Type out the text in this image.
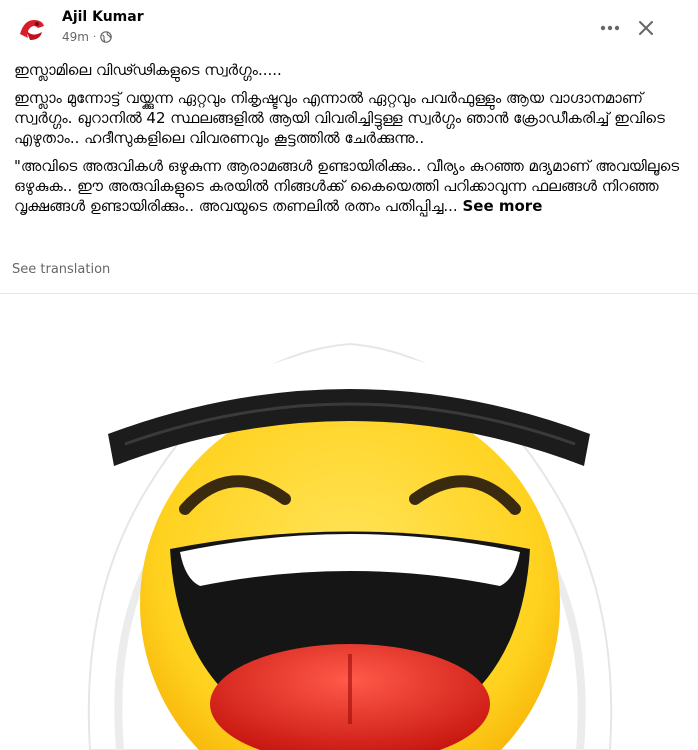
Ajil Kumar
49m ·

ഇസ്ലാമിലെ വിഢ്ഢികളുടെ സ്വർഗ്ഗം.....

ഇസ്ലാം മുന്നോട്ട് വയ്ക്കുന്ന ഏറ്റവും നികൃഷ്ടവും എന്നാൽ ഏറ്റവും പവർഫുള്ളും ആയ വാഗ്ദാനമാണ് സ്വർഗ്ഗം. ഖുറാനിൽ 42 സ്ഥലങ്ങളിൽ ആയി വിവരിച്ചിട്ടുള്ള സ്വർഗ്ഗം ഞാൻ ക്രോഡീകരിച്ച് ഇവിടെ എഴുതാം.. ഹദീസുകളിലെ വിവരണവും കൂട്ടത്തിൽ ചേർക്കുന്നു..

"അവിടെ അരുവികൾ ഒഴുകുന്ന ആരാമങ്ങൾ ഉണ്ടായിരിക്കും.. വീര്യം കുറഞ്ഞ മദ്യമാണ് അവയിലൂടെ ഒഴുകുക.. ഈ അരുവികളുടെ കരയിൽ നിങ്ങൾക്ക് കൈയെത്തി പറിക്കാവുന്ന ഫലങ്ങൾ നിറഞ്ഞ വൃക്ഷങ്ങൾ ഉണ്ടായിരിക്കും.. അവയുടെ തണലിൽ രത്നം പതിപ്പിച്ച... See more

See translation
